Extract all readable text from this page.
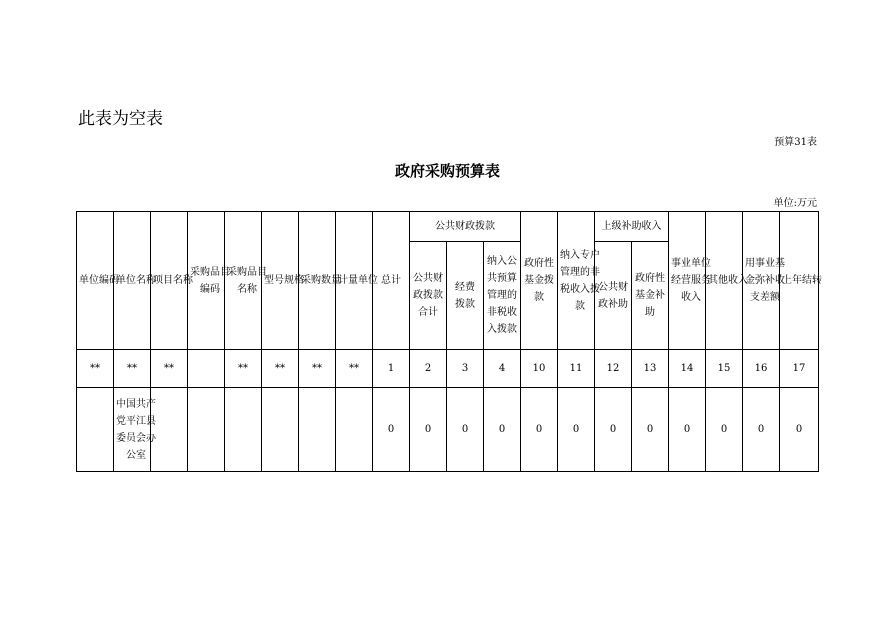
此表为空表
预算31表
政府采购预算表
单位:万元
单位编码	单位名称	项目名称	采购品目编码	采购品目名称	型号规格	采购数量	计量单位	总计	公共财政拨款			政府性基金拨款	纳入专户管理的非税收入拨款	上级补助收入		事业单位经营服务收入	其他收入	用事业基金弥补收支差额	上年结转

									公共财政拨款合计	经费拨款	纳入公共预算管理的非税收入拨款			公共财政补助	政府性基金补助				

**	**	**		**	**	**	**	1	2	3	4	10	11	12	13	14	15	16	17

	中国共产党平江县委员会办公室							0	0	0	0	0	0	0	0	0	0	0	0
